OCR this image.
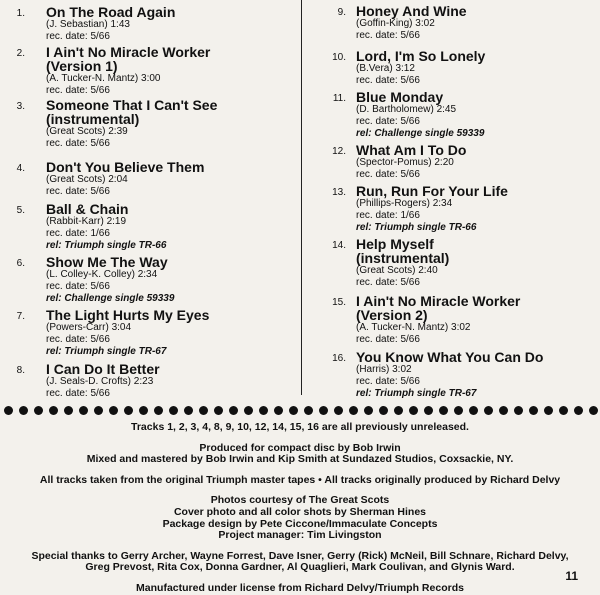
1. On The Road Again
(J. Sebastian) 1:43
rec. date: 5/66
2. I Ain't No Miracle Worker
(Version 1)
(A. Tucker-N. Mantz) 3:00
rec. date: 5/66
3. Someone That I Can't See
(instrumental)
(Great Scots) 2:39
rec. date: 5/66
4. Don't You Believe Them
(Great Scots) 2:04
rec. date: 5/66
5. Ball & Chain
(Rabbit-Karr) 2:19
rec. date: 1/66
rel: Triumph single TR-66
6. Show Me The Way
(L. Colley-K. Colley) 2:34
rec. date: 5/66
rel: Challenge single 59339
7. The Light Hurts My Eyes
(Powers-Carr) 3:04
rec. date: 5/66
rel: Triumph single TR-67
8. I Can Do It Better
(J. Seals-D. Crofts) 2:23
rec. date: 5/66
9. Honey And Wine
(Goffin-King) 3:02
rec. date: 5/66
10. Lord, I'm So Lonely
(B.Vera) 3:12
rec. date: 5/66
11. Blue Monday
(D. Bartholomew) 2:45
rec. date: 5/66
rel: Challenge single 59339
12. What Am I To Do
(Spector-Pomus) 2:20
rec. date: 5/66
13. Run, Run For Your Life
(Phillips-Rogers) 2:34
rec. date: 1/66
rel: Triumph single TR-66
14. Help Myself
(instrumental)
(Great Scots) 2:40
rec. date: 5/66
15. I Ain't No Miracle Worker
(Version 2)
(A. Tucker-N. Mantz) 3:02
rec. date: 5/66
16. You Know What You Can Do
(Harris) 3:02
rec. date: 5/66
rel: Triumph single TR-67
Tracks 1, 2, 3, 4, 8, 9, 10, 12, 14, 15, 16 are all previously unreleased.
Produced for compact disc by Bob Irwin
Mixed and mastered by Bob Irwin and Kip Smith at Sundazed Studios, Coxsackie, NY.
All tracks taken from the original Triumph master tapes • All tracks originally produced by Richard Delvy
Photos courtesy of The Great Scots
Cover photo and all color shots by Sherman Hines
Package design by Pete Ciccone/Immaculate Concepts
Project manager: Tim Livingston
Special thanks to Gerry Archer, Wayne Forrest, Dave Isner, Gerry (Rick) McNeil, Bill Schnare, Richard Delvy,
Greg Prevost, Rita Cox, Donna Gardner, Al Quaglieri, Mark Coulivan, and Glynis Ward.
Manufactured under license from Richard Delvy/Triumph Records
11
